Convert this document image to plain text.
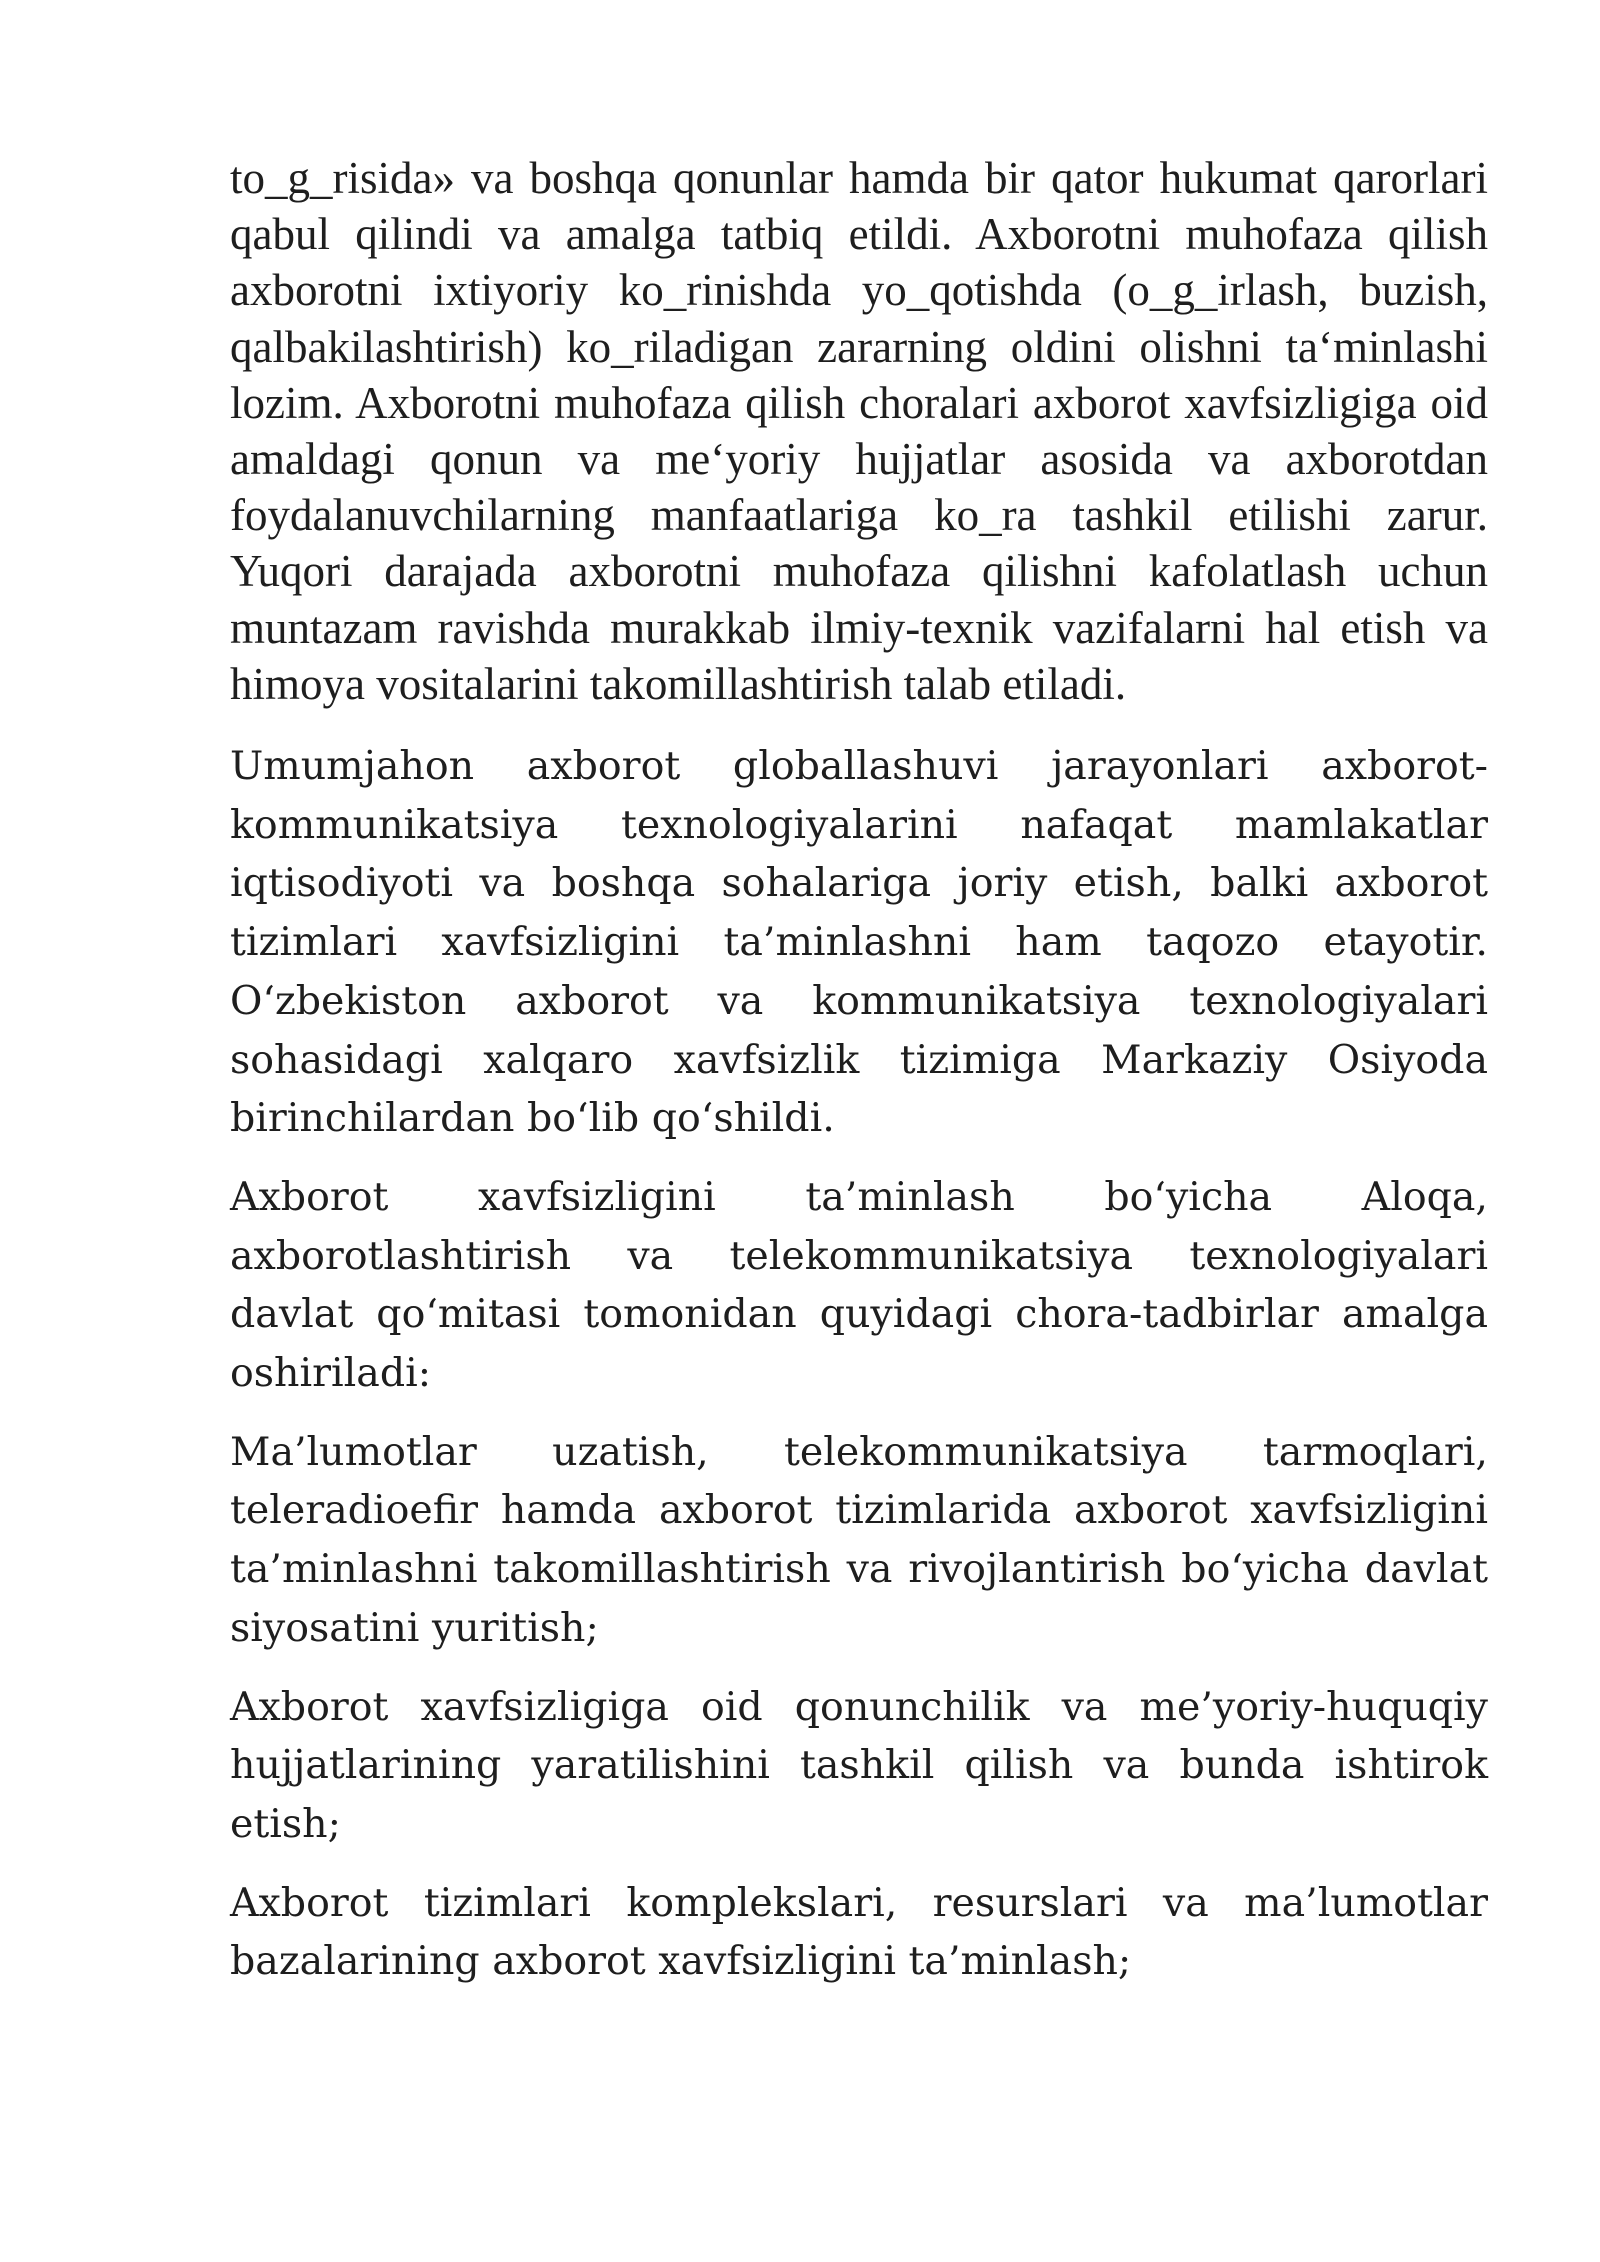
to_g_risida» va boshqa qonunlar hamda bir qator hukumat qarorlari qabul qilindi va amalga tatbiq etildi. Axborotni muhofaza qilish axborotni ixtiyoriy ko_rinishda yo_qotishda (o_g_irlash, buzish, qalbakilashtirish) ko_riladigan zararning oldini olishni ta‘minlashi lozim. Axborotni muhofaza qilish choralari axborot xavfsizligiga oid amaldagi qonun va me‘yoriy hujjatlar asosida va axborotdan foydalanuvchilarning manfaatlariga ko_ra tashkil etilishi zarur. Yuqori darajada axborotni muhofaza qilishni kafolatlash uchun muntazam ravishda murakkab ilmiy-texnik vazifalarni hal etish va himoya vositalarini takomillashtirish talab etiladi.

Umumjahon axborot globallashuvi jarayonlari axborot-kommunikatsiya texnologiyalarini nafaqat mamlakatlar iqtisodiyoti va boshqa sohalariga joriy etish, balki axborot tizimlari xavfsizligini ta’minlashni ham taqozo etayotir. O‘zbekiston axborot va kommunikatsiya texnologiyalari sohasidagi xalqaro xavfsizlik tizimiga Markaziy Osiyoda birinchilardan bo‘lib qo‘shildi.

Axborot xavfsizligini ta’minlash bo‘yicha Aloqa, axborotlashtirish va telekommunikatsiya texnologiyalari davlat qo‘mitasi tomonidan quyidagi chora-tadbirlar amalga oshiriladi:

Ma’lumotlar uzatish, telekommunikatsiya tarmoqlari, teleradioefir hamda axborot tizimlarida axborot xavfsizligini ta’minlashni takomillashtirish va rivojlantirish bo‘yicha davlat siyosatini yuritish;

Axborot xavfsizligiga oid qonunchilik va me’yoriy-huquqiy hujjatlarining yaratilishini tashkil qilish va bunda ishtirok etish;

Axborot tizimlari komplekslari, resurslari va ma’lumotlar bazalarining axborot xavfsizligini ta’minlash;
